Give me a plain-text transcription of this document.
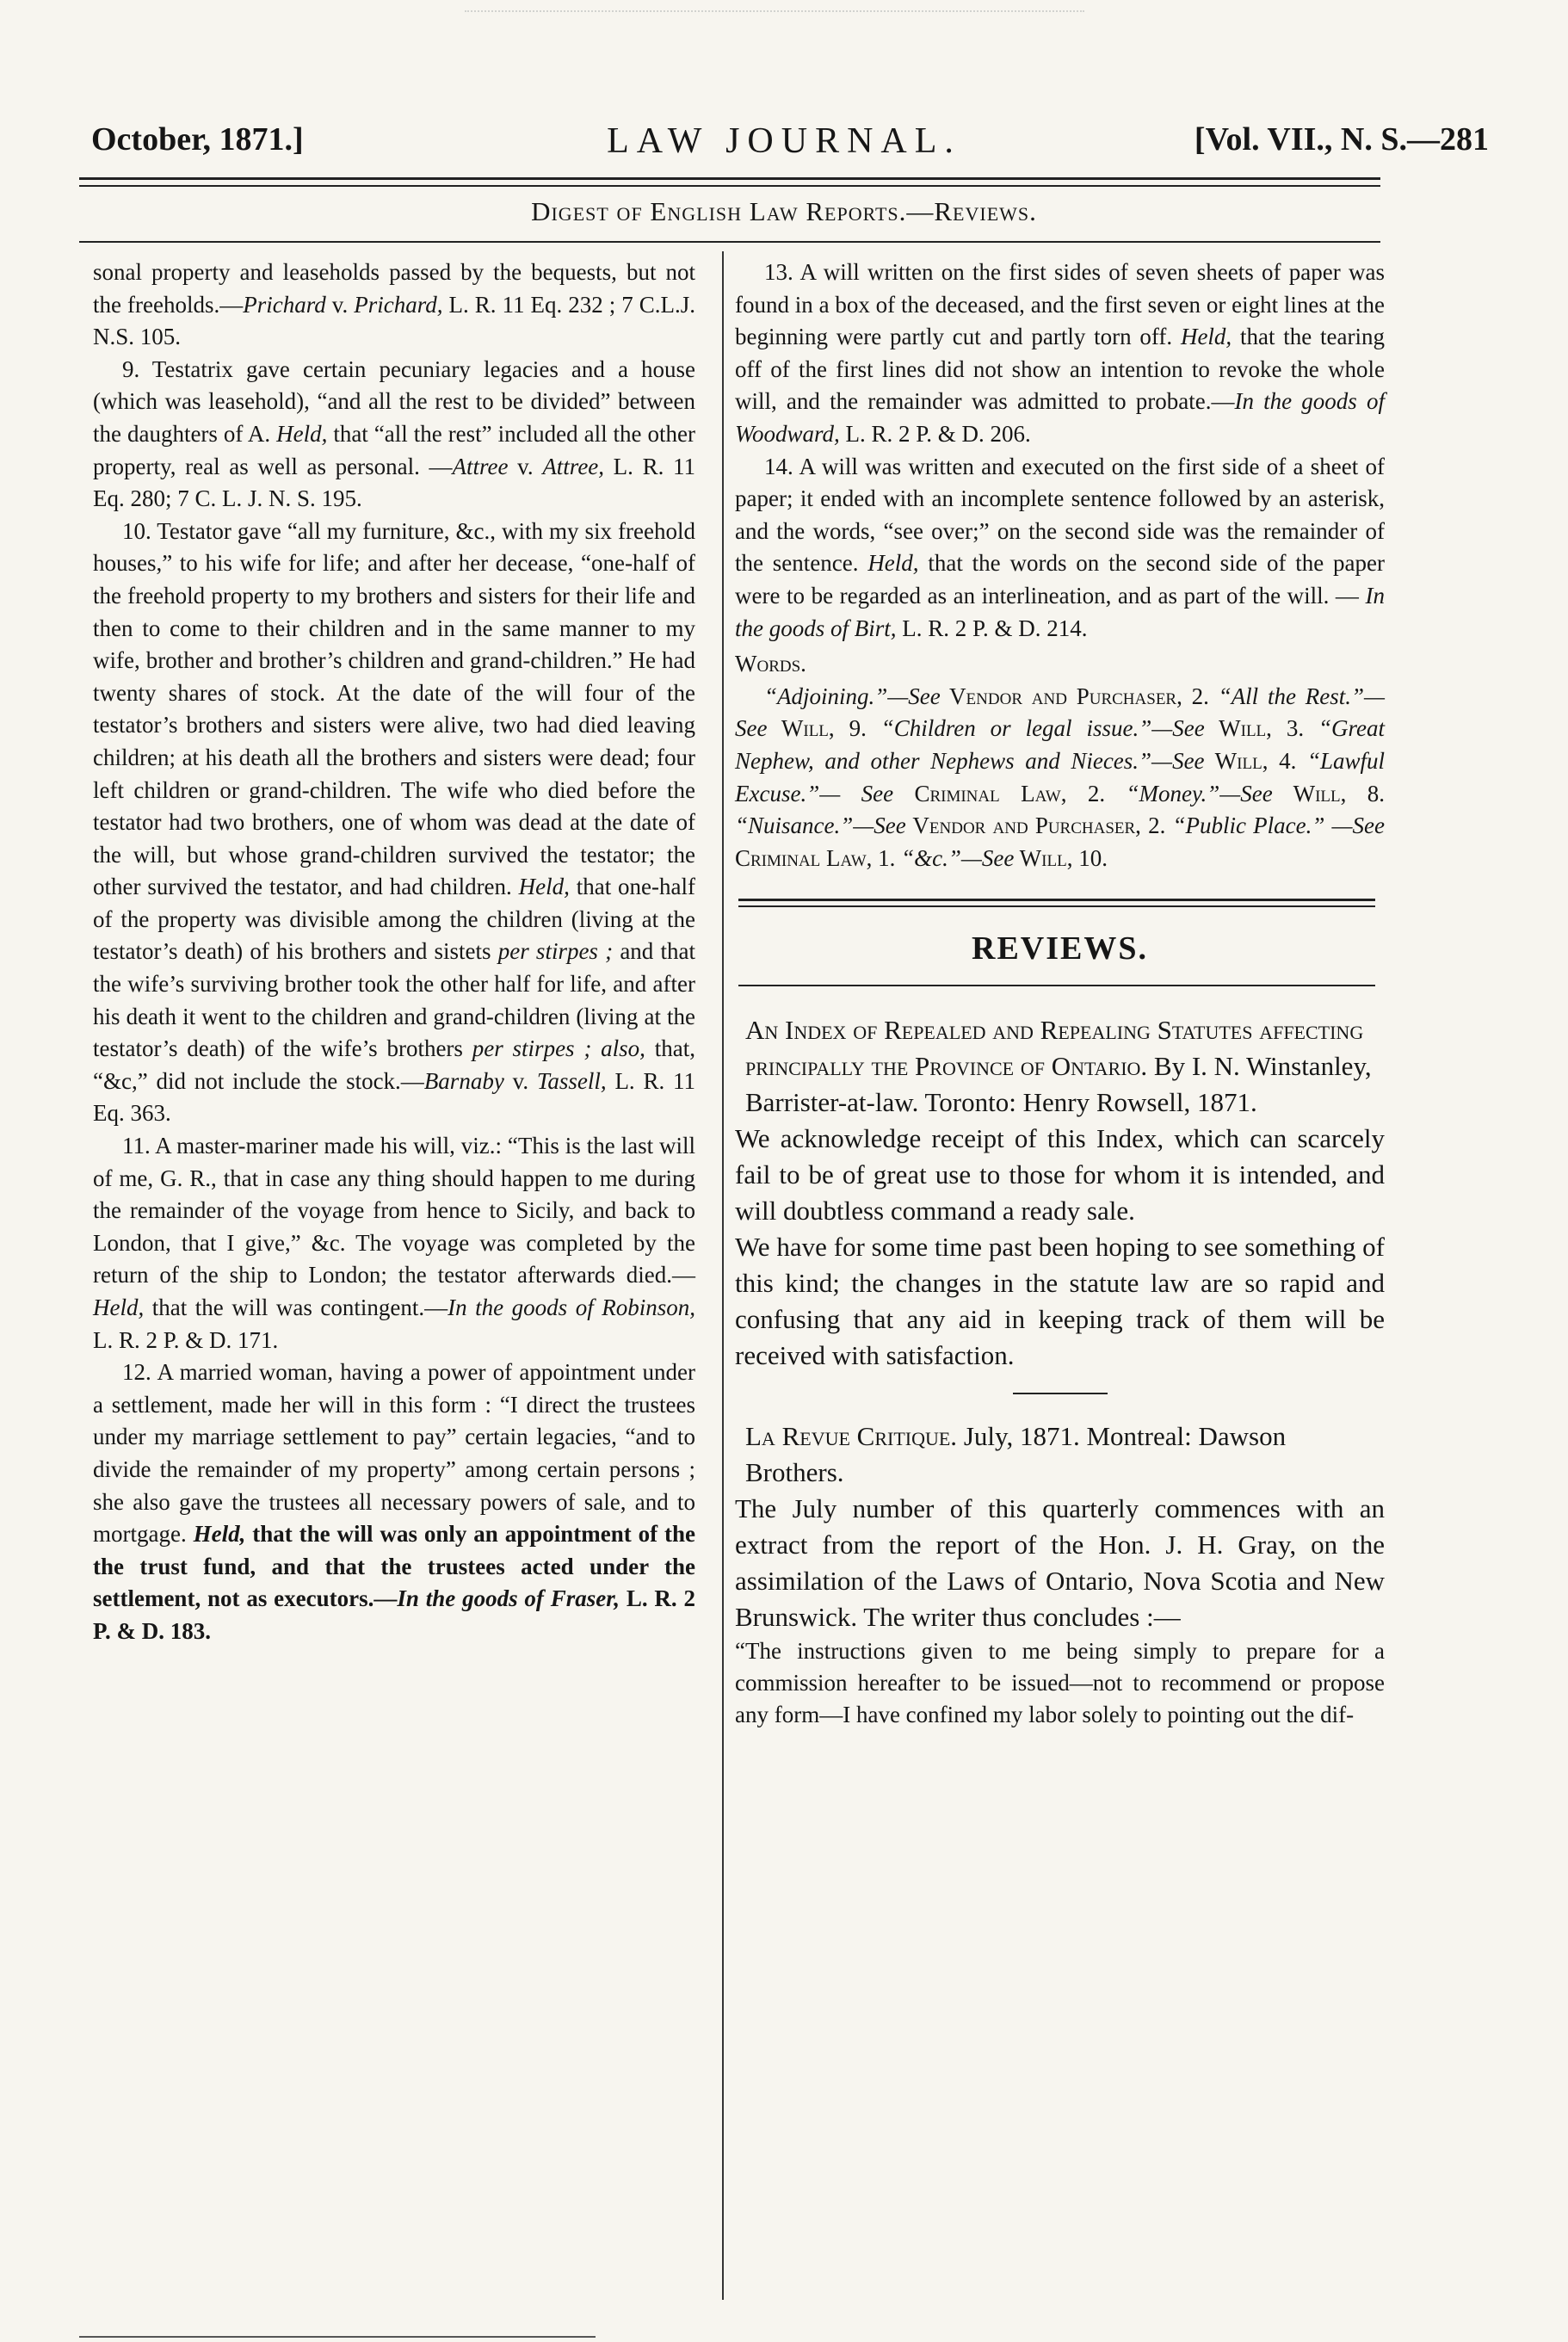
October, 1871.]	LAW JOURNAL.	[Vol. VII., N. S.—281
Digest of English Law Reports.—Reviews.

sonal property and leaseholds passed by the bequests, but not the freeholds.—Prichard v. Prichard, L. R. 11 Eq. 232 ; 7 C.L.J. N.S. 105.

9. Testatrix gave certain pecuniary legacies and a house (which was leasehold), “and all the rest to be divided” between the daughters of A. Held, that “all the rest” included all the other property, real as well as personal. —Attree v. Attree, L. R. 11 Eq. 280; 7 C. L. J. N. S. 195.

10. Testator gave “all my furniture, &c., with my six freehold houses,” to his wife for life; and after her decease, “one-half of the freehold property to my brothers and sisters for their life and then to come to their children and in the same manner to my wife, brother and brother’s children and grand-children.” He had twenty shares of stock. At the date of the will four of the testator’s brothers and sisters were alive, two had died leaving children; at his death all the brothers and sisters were dead; four left children or grand-children. The wife who died before the testator had two brothers, one of whom was dead at the date of the will, but whose grand-children survived the testator; the other survived the testator, and had children. Held, that one-half of the property was divisible among the children (living at the testator’s death) of his brothers and sistets per stirpes ; and that the wife’s surviving brother took the other half for life, and after his death it went to the children and grand-children (living at the testator’s death) of the wife’s brothers per stirpes ; also, that, “&c,” did not include the stock.—Barnaby v. Tassell, L. R. 11 Eq. 363.

11. A master-mariner made his will, viz.: “This is the last will of me, G. R., that in case any thing should happen to me during the remainder of the voyage from hence to Sicily, and back to London, that I give,” &c. The voyage was completed by the return of the ship to London; the testator afterwards died.—Held, that the will was contingent.—In the goods of Robinson, L. R. 2 P. & D. 171.

12. A married woman, having a power of appointment under a settlement, made her will in this form : “I direct the trustees under my marriage settlement to pay” certain legacies, “and to divide the remainder of my property” among certain persons ; she also gave the trustees all necessary powers of sale, and to mortgage. Held, that the will was only an appointment of the the trust fund, and that the trustees acted under the settlement, not as executors.—In the goods of Fraser, L. R. 2 P. & D. 183.

13. A will written on the first sides of seven sheets of paper was found in a box of the deceased, and the first seven or eight lines at the beginning were partly cut and partly torn off. Held, that the tearing off of the first lines did not show an intention to revoke the whole will, and the remainder was admitted to probate.—In the goods of Woodward, L. R. 2 P. & D. 206.

14. A will was written and executed on the first side of a sheet of paper; it ended with an incomplete sentence followed by an asterisk, and the words, “see over;” on the second side was the remainder of the sentence. Held, that the words on the second side of the paper were to be regarded as an interlineation, and as part of the will. — In the goods of Birt, L. R. 2 P. & D. 214.

Words.

“Adjoining.”—See Vendor and Purchaser, 2. “All the Rest.”—See Will, 9. “Children or legal issue.”—See Will, 3. “Great Nephew, and other Nephews and Nieces.”—See Will, 4. “Lawful Excuse.”— See Criminal Law, 2. “Money.”—See Will, 8. “Nuisance.”—See Vendor and Purchaser, 2. “Public Place.” —See Criminal Law, 1. “&c.”—See Will, 10.

REVIEWS.

An Index of Repealed and Repealing Statutes affecting principally the Province of Ontario. By I. N. Winstanley, Barrister-at-law. Toronto: Henry Rowsell, 1871.

We acknowledge receipt of this Index, which can scarcely fail to be of great use to those for whom it is intended, and will doubtless command a ready sale.

We have for some time past been hoping to see something of this kind; the changes in the statute law are so rapid and confusing that any aid in keeping track of them will be received with satisfaction.

La Revue Critique. July, 1871. Montreal: Dawson Brothers.

The July number of this quarterly commences with an extract from the report of the Hon. J. H. Gray, on the assimilation of the Laws of Ontario, Nova Scotia and New Brunswick. The writer thus concludes :—

“The instructions given to me being simply to prepare for a commission hereafter to be issued—not to recommend or propose any form—I have confined my labor solely to pointing out the dif-
